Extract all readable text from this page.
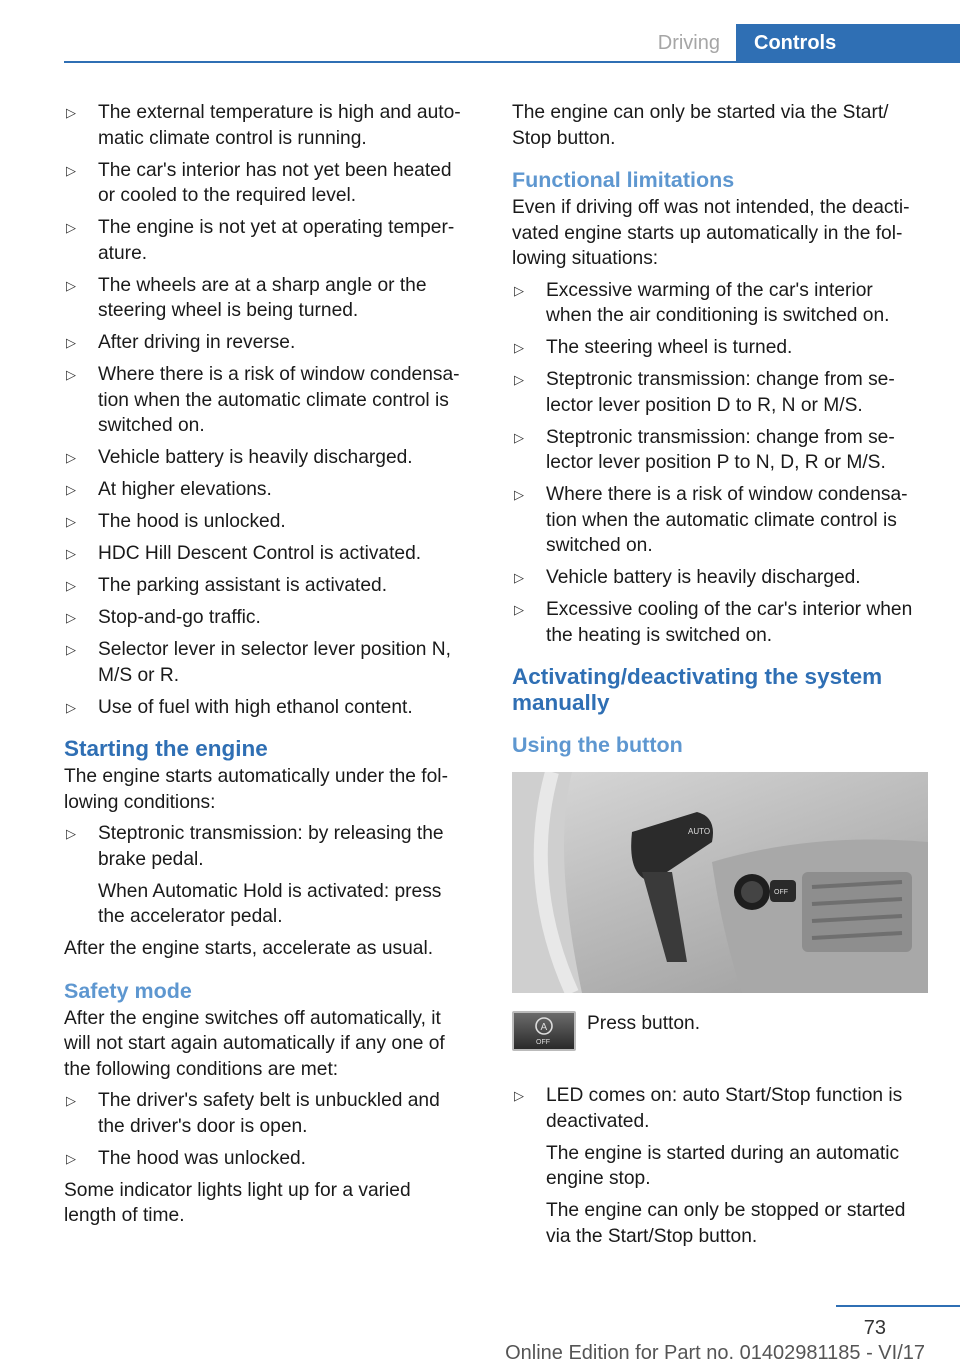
Driving	Controls
▷ The external temperature is high and auto‐
matic climate control is running.

▷ The car's interior has not yet been heated
or cooled to the required level.

▷ The engine is not yet at operating temper‐
ature.

▷ The wheels are at a sharp angle or the
steering wheel is being turned.

▷ After driving in reverse.

▷ Where there is a risk of window condensa‐
tion when the automatic climate control is
switched on.

▷ Vehicle battery is heavily discharged.

▷ At higher elevations.

▷ The hood is unlocked.

▷ HDC Hill Descent Control is activated.

▷ The parking assistant is activated.

▷ Stop-and-go traffic.

▷ Selector lever in selector lever position N,
M/S or R.

▷ Use of fuel with high ethanol content.

Starting the engine

The engine starts automatically under the fol‐
lowing conditions:

▷ Steptronic transmission: by releasing the
brake pedal.

When Automatic Hold is activated: press
the accelerator pedal.

After the engine starts, accelerate as usual.

Safety mode

After the engine switches off automatically, it
will not start again automatically if any one of
the following conditions are met:

▷ The driver's safety belt is unbuckled and
the driver's door is open.

▷ The hood was unlocked.

Some indicator lights light up for a varied
length of time.

The engine can only be started via the Start/
Stop button.

Functional limitations

Even if driving off was not intended, the deacti‐
vated engine starts up automatically in the fol‐
lowing situations:

▷ Excessive warming of the car's interior
when the air conditioning is switched on.

▷ The steering wheel is turned.

▷ Steptronic transmission: change from se‐
lector lever position D to R, N or M/S.

▷ Steptronic transmission: change from se‐
lector lever position P to N, D, R or M/S.

▷ Where there is a risk of window condensa‐
tion when the automatic climate control is
switched on.

▷ Vehicle battery is heavily discharged.

▷ Excessive cooling of the car's interior when
the heating is switched on.

Activating/deactivating the system
manually
Using the button
AUTO
OFF
A
OFF
Press button.
▷ LED comes on: auto Start/Stop function is
deactivated.

The engine is started during an automatic
engine stop.

The engine can only be stopped or started
via the Start/Stop button.

73
Online Edition for Part no. 01402981185 - VI/17
